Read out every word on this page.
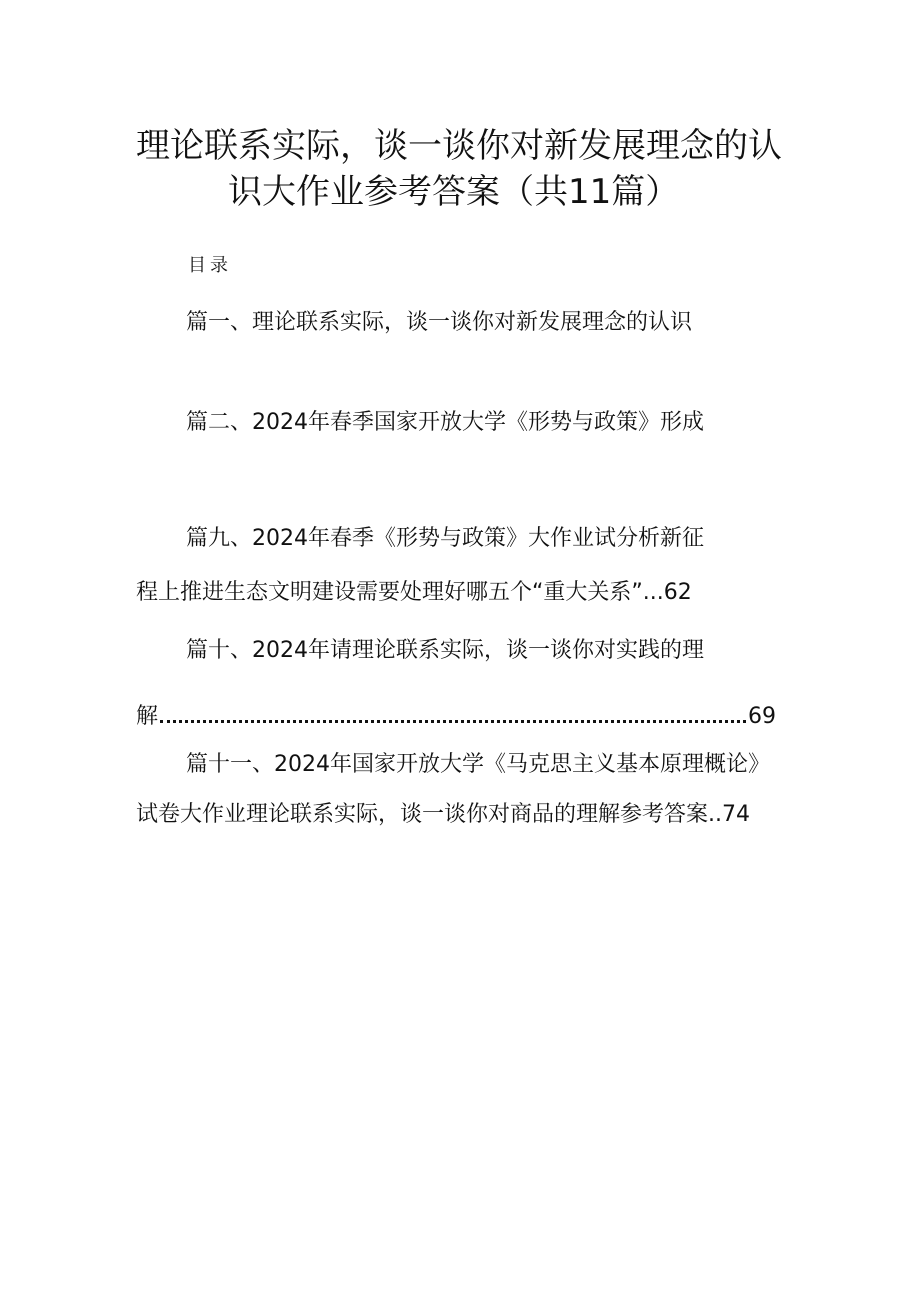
理论联系实际，谈一谈你对新发展理念的认
识大作业参考答案（共11篇）
目录
篇一、理论联系实际，谈一谈你对新发展理念的认识
篇二、2024年春季国家开放大学《形势与政策》形成
篇九、2024年春季《形势与政策》大作业试分析新征
程上推进生态文明建设需要处理好哪五个“重大关系”...62
篇十、2024年请理论联系实际，谈一谈你对实践的理
解	69
篇十一、2024年国家开放大学《马克思主义基本原理概论》
试卷大作业理论联系实际，谈一谈你对商品的理解参考答案..74
